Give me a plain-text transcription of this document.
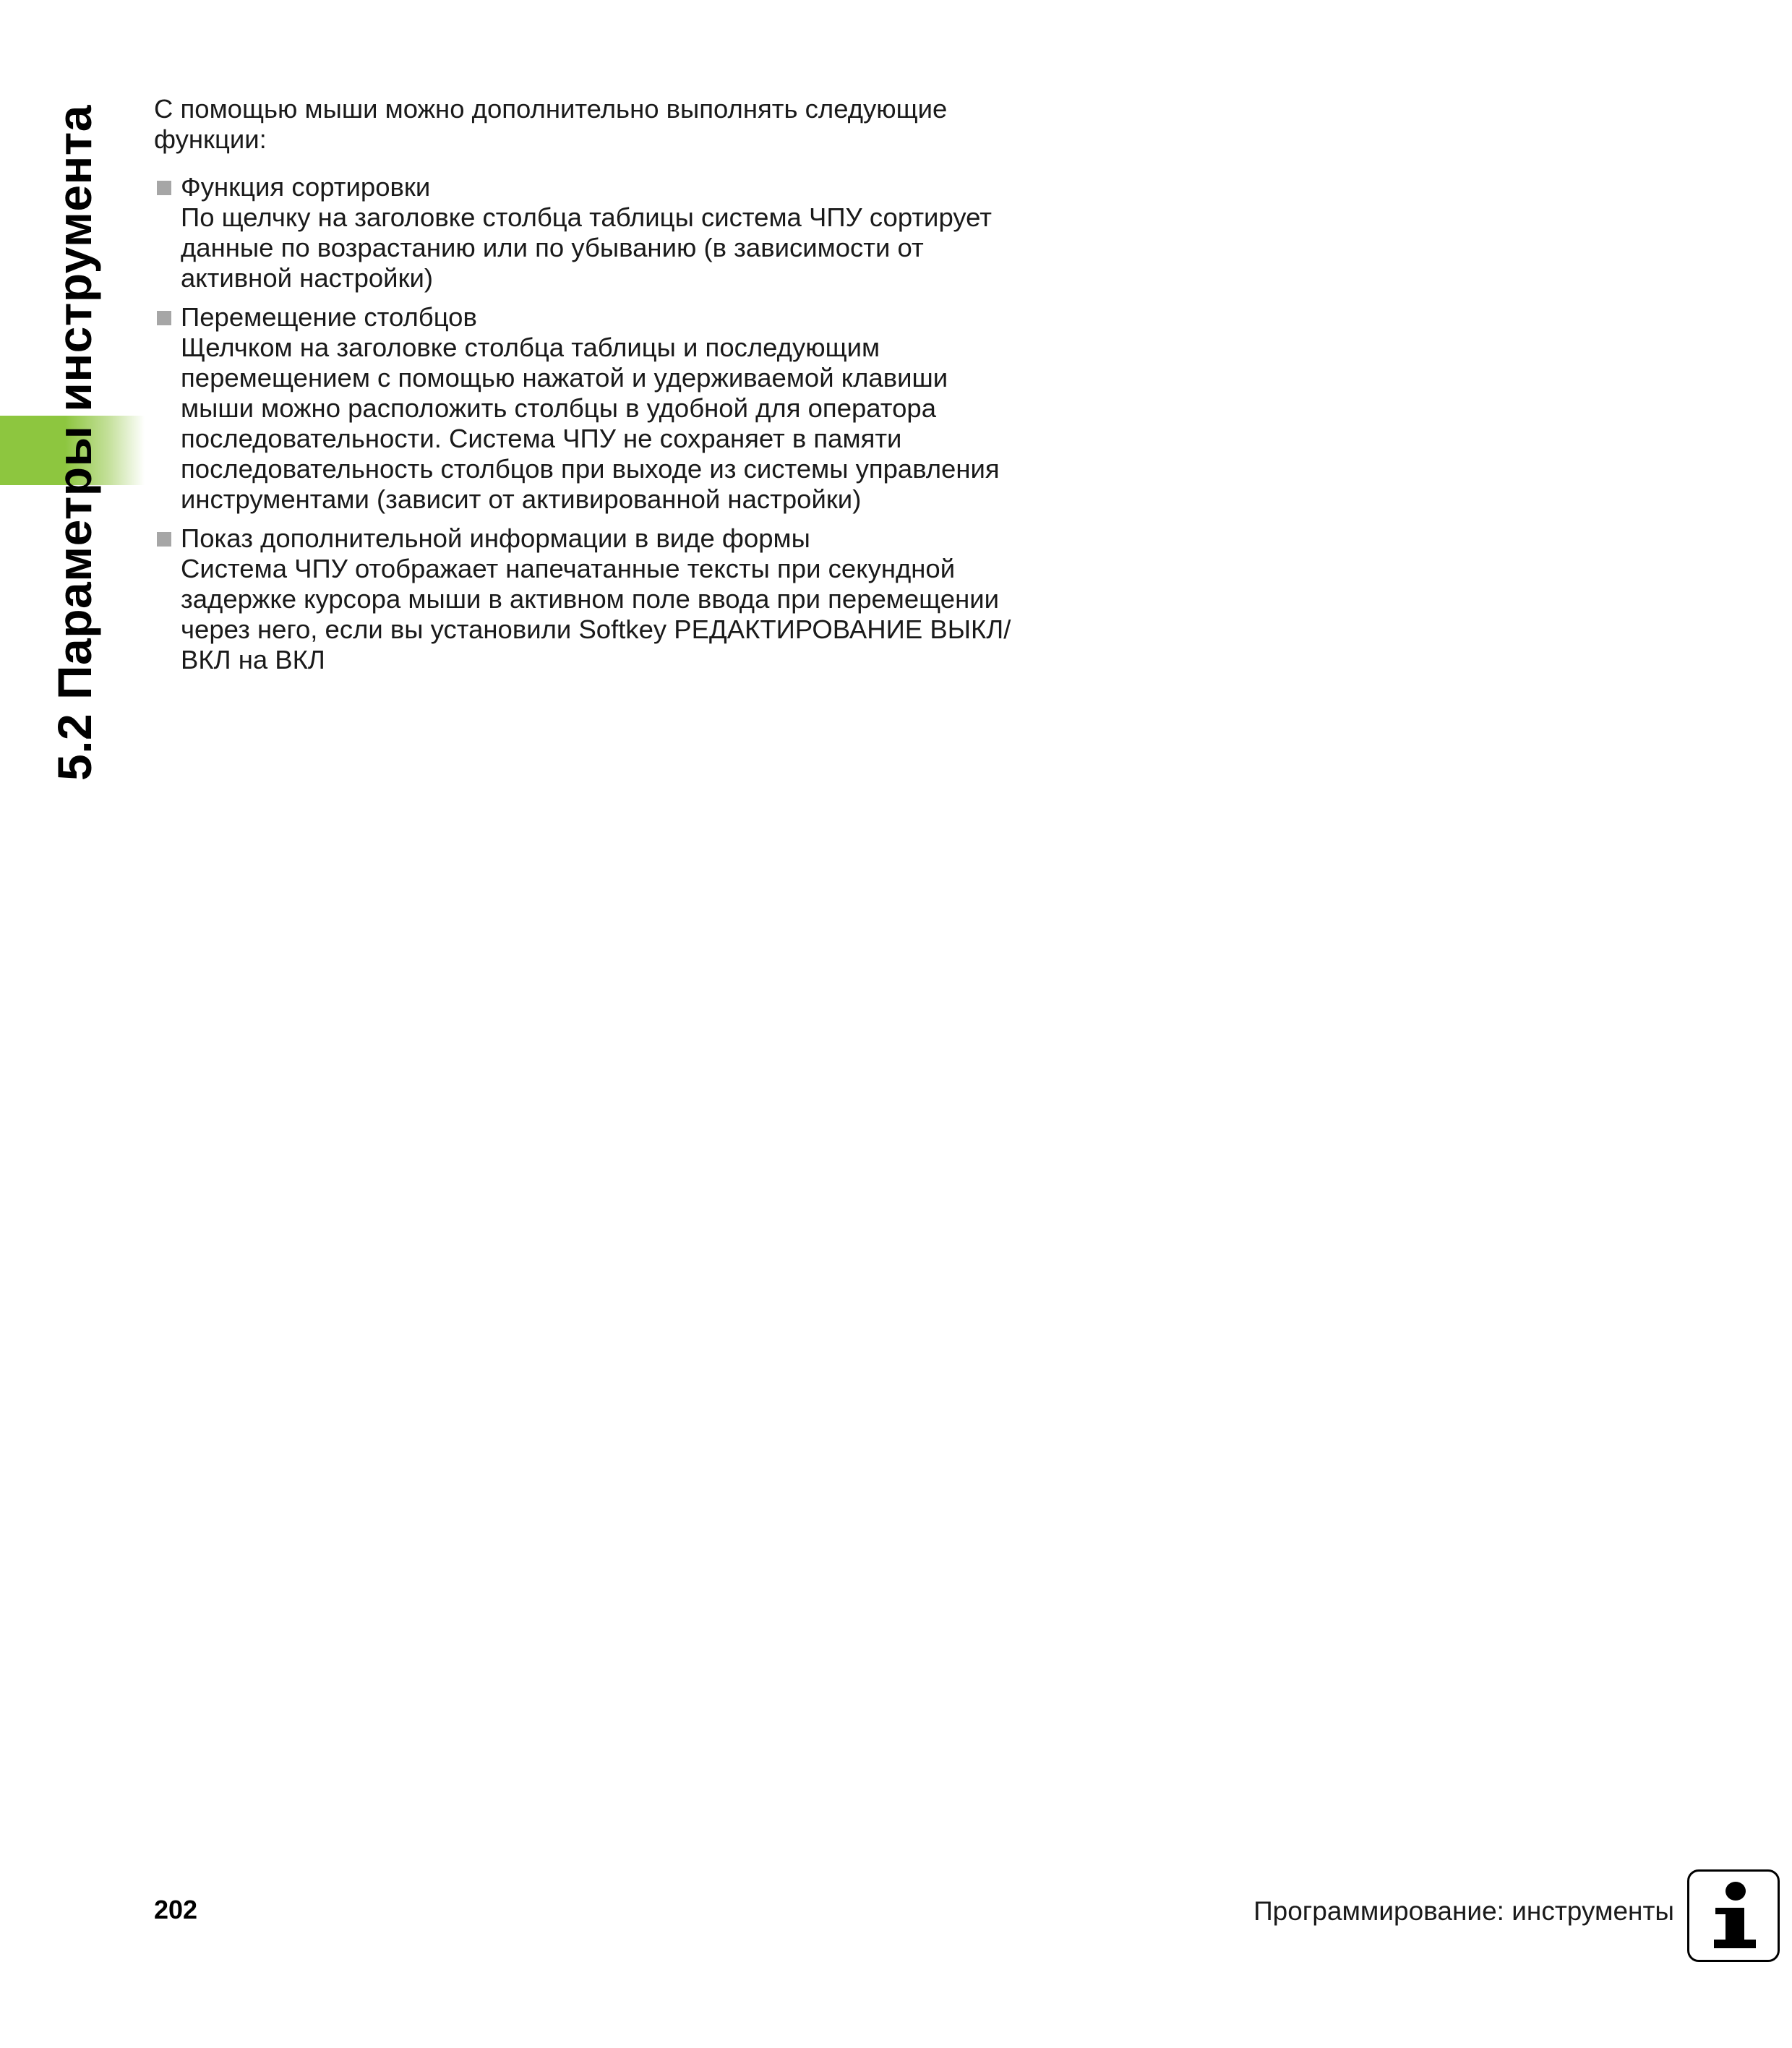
5.2 Параметры инструмента С помощью мыши можно дополнительно выполнять следующие функции:

Функция сортировки
По щелчку на заголовке столбца таблицы система ЧПУ сортирует данные по возрастанию или по убыванию (в зависимости от активной настройки)
Перемещение столбцов
Щелчком на заголовке столбца таблицы и последующим перемещением с помощью нажатой и удерживаемой клавиши мыши можно расположить столбцы в удобной для оператора последовательности. Система ЧПУ не сохраняет в памяти последовательность столбцов при выходе из системы управления инструментами (зависит от активированной настройки)
Показ дополнительной информации в виде формы
Система ЧПУ отображает напечатанные тексты при секундной задержке курсора мыши в активном поле ввода при перемещении через него, если вы установили Softkey РЕДАКТИРОВАНИЕ ВЫКЛ/ВКЛ на ВКЛ
202	Программирование: инструменты
